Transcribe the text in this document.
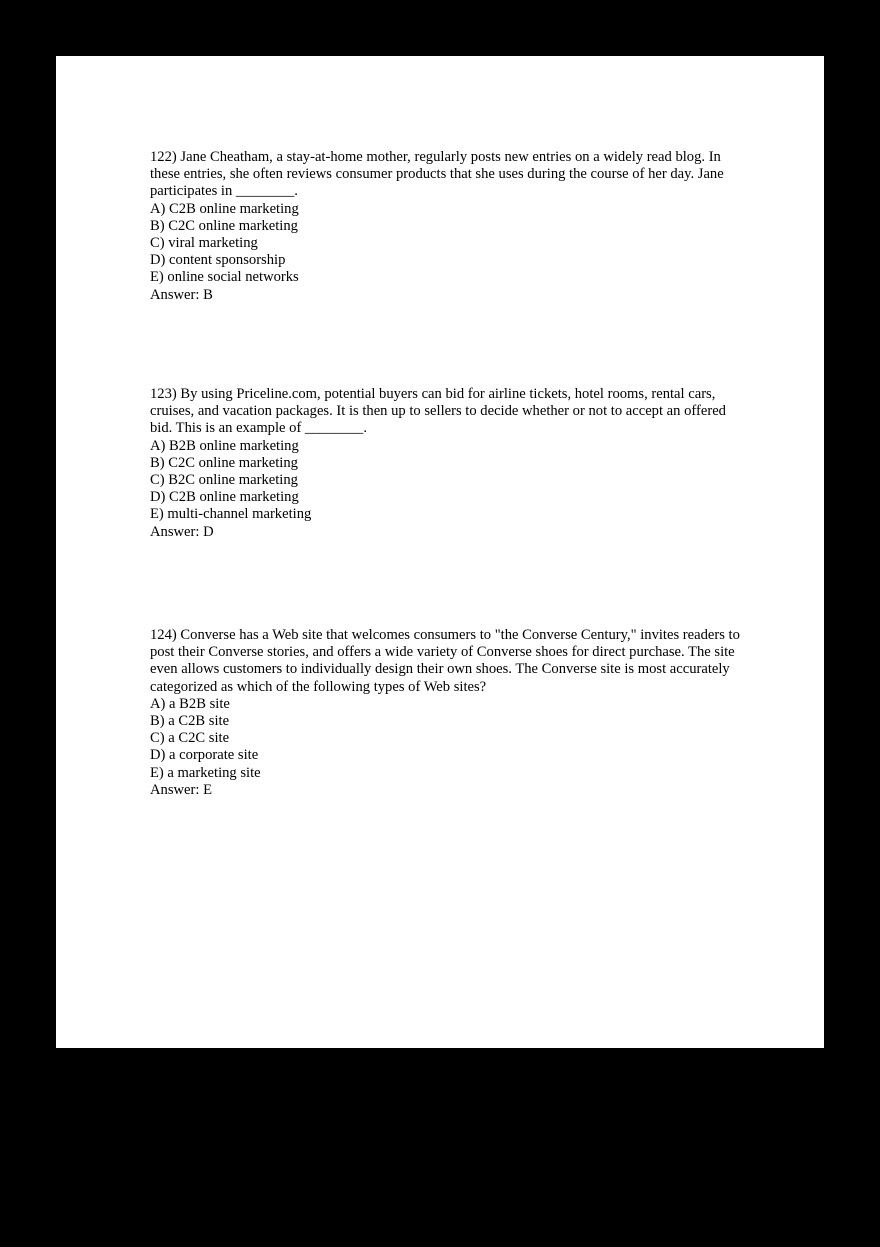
122) Jane Cheatham, a stay-at-home mother, regularly posts new entries on a widely read blog. In these entries, she often reviews consumer products that she uses during the course of her day. Jane participates in ________.

A) C2B online marketing
B) C2C online marketing
C) viral marketing
D) content sponsorship
E) online social networks

Answer: B

123) By using Priceline.com, potential buyers can bid for airline tickets, hotel rooms, rental cars, cruises, and vacation packages. It is then up to sellers to decide whether or not to accept an offered bid. This is an example of ________.

A) B2B online marketing
B) C2C online marketing
C) B2C online marketing
D) C2B online marketing
E) multi-channel marketing

Answer: D

124) Converse has a Web site that welcomes consumers to "the Converse Century," invites readers to post their Converse stories, and offers a wide variety of Converse shoes for direct purchase. The site even allows customers to individually design their own shoes. The Converse site is most accurately categorized as which of the following types of Web sites?

A) a B2B site
B) a C2B site
C) a C2C site
D) a corporate site
E) a marketing site

Answer: E
